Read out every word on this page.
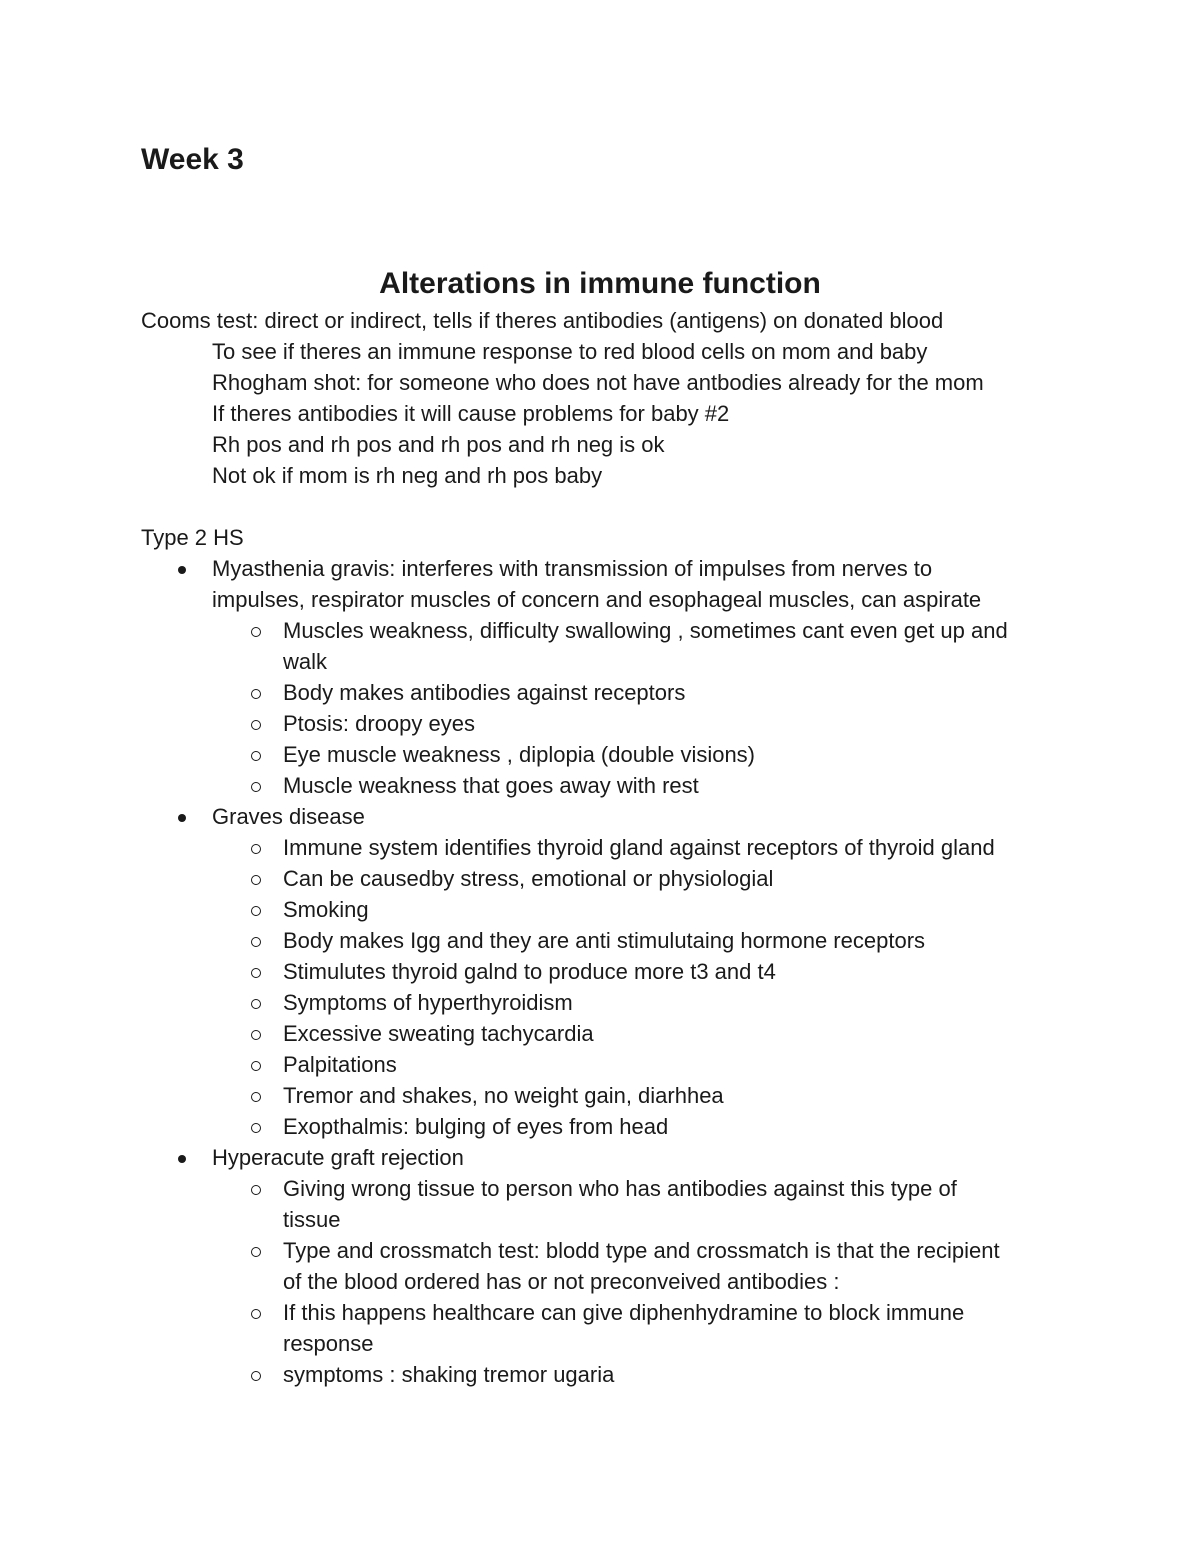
Week 3
Alterations in immune function

Cooms test: direct or indirect, tells if theres antibodies (antigens) on donated blood

To see if theres an immune response to red blood cells on mom and baby

Rhogham shot: for someone who does not have antbodies already for the mom

If theres antibodies it will cause problems for baby #2

Rh pos and rh pos and rh pos and rh neg is ok

Not ok if mom is rh neg and rh pos baby

Type 2 HS

Myasthenia gravis: interferes with transmission of impulses from nerves to
impulses, respirator muscles of concern and esophageal muscles, can aspirate
Muscles weakness, difficulty swallowing , sometimes cant even get up and
walk
Body makes antibodies against receptors
Ptosis: droopy eyes
Eye muscle weakness , diplopia (double visions)
Muscle weakness that goes away with rest
Graves disease
Immune system identifies thyroid gland against receptors of thyroid gland
Can be causedby stress, emotional or physiologial
Smoking
Body makes Igg and they are anti stimulutaing hormone receptors
Stimulutes thyroid galnd to produce more t3 and t4
Symptoms of hyperthyroidism
Excessive sweating tachycardia
Palpitations
Tremor and shakes, no weight gain, diarhhea
Exopthalmis: bulging of eyes from head
Hyperacute graft rejection
Giving wrong tissue to person who has antibodies against this type of
tissue
Type and crossmatch test: blodd type and crossmatch is that the recipient
of the blood ordered has or not preconveived antibodies :
If this happens healthcare can give diphenhydramine to block immune
response
symptoms : shaking tremor ugaria
